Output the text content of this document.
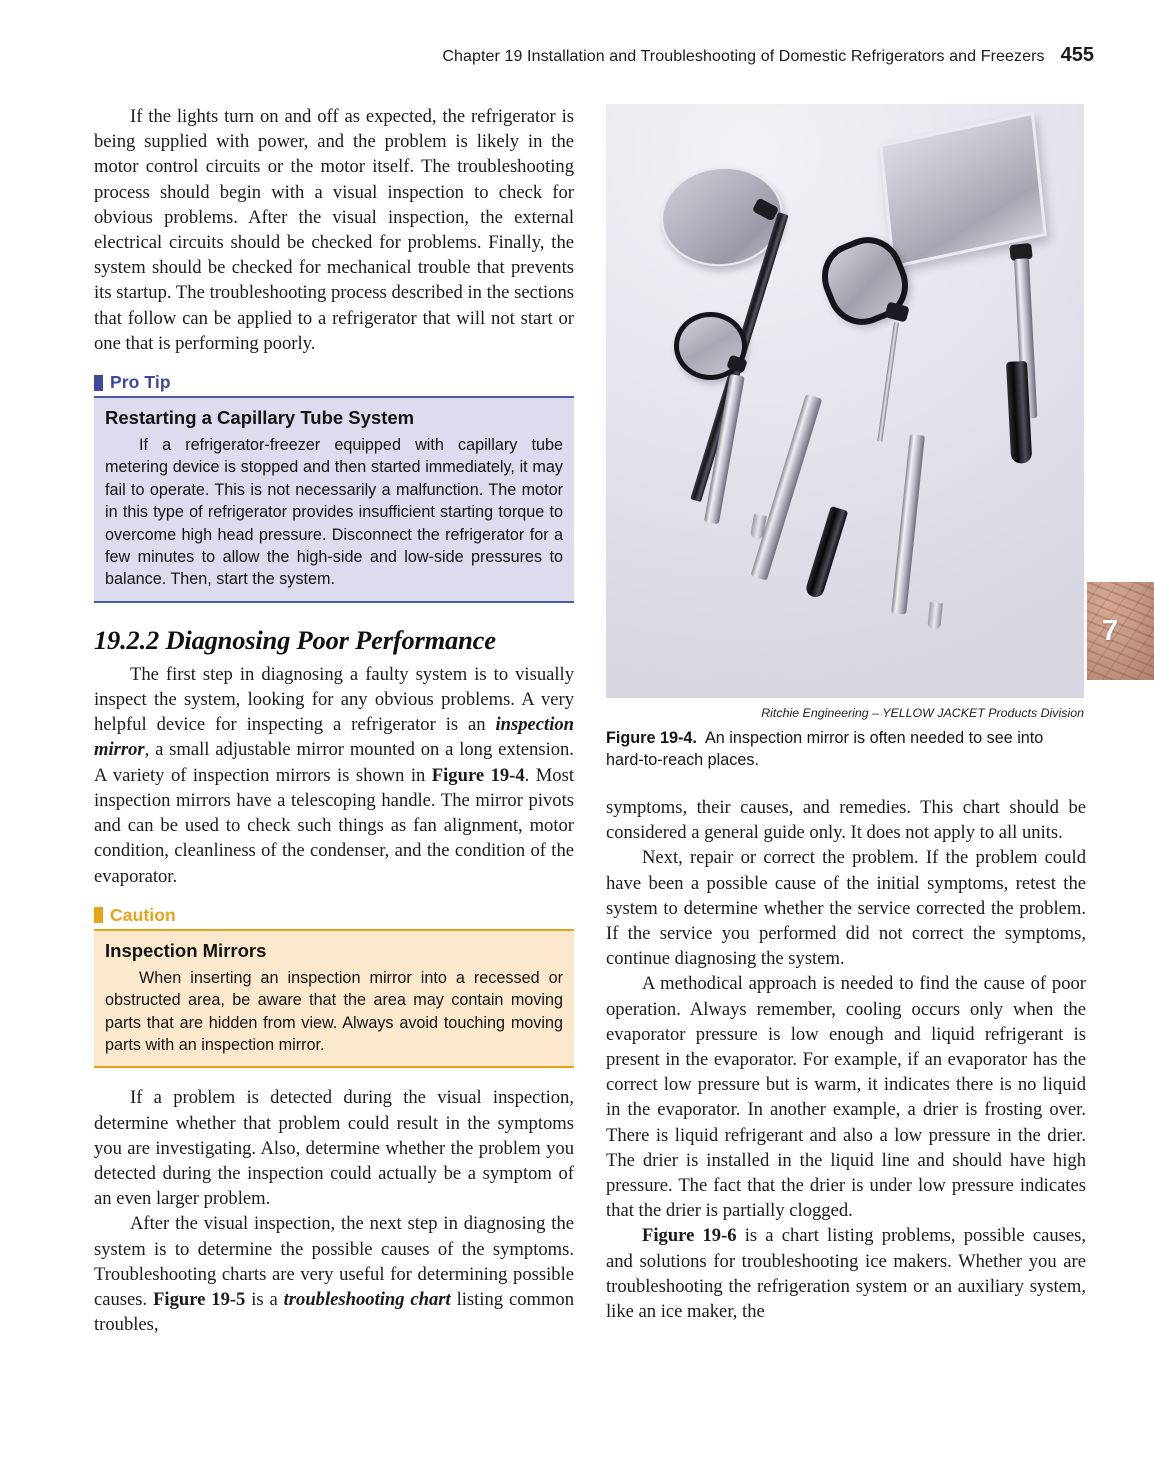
Chapter 19 Installation and Troubleshooting of Domestic Refrigerators and Freezers 455

If the lights turn on and off as expected, the refrigerator is being supplied with power, and the problem is likely in the motor control circuits or the motor itself. The troubleshooting process should begin with a visual inspection to check for obvious problems. After the visual inspection, the external electrical circuits should be checked for problems. Finally, the system should be checked for mechanical trouble that prevents its startup. The troubleshooting process described in the sections that follow can be applied to a refrigerator that will not start or one that is performing poorly.

Pro Tip
Restarting a Capillary Tube System

If a refrigerator-freezer equipped with capillary tube metering device is stopped and then started immediately, it may fail to operate. This is not necessarily a malfunction. The motor in this type of refrigerator provides insufficient starting torque to overcome high head pressure. Disconnect the refrigerator for a few minutes to allow the high-side and low-side pressures to balance. Then, start the system.

19.2.2 Diagnosing Poor Performance

The first step in diagnosing a faulty system is to visually inspect the system, looking for any obvious problems. A very helpful device for inspecting a refrigerator is an inspection mirror, a small adjustable mirror mounted on a long extension. A variety of inspection mirrors is shown in Figure 19-4. Most inspection mirrors have a telescoping handle. The mirror pivots and can be used to check such things as fan alignment, motor condition, cleanliness of the condenser, and the condition of the evaporator.

Caution
Inspection Mirrors

When inserting an inspection mirror into a recessed or obstructed area, be aware that the area may contain moving parts that are hidden from view. Always avoid touching moving parts with an inspection mirror.

If a problem is detected during the visual inspection, determine whether that problem could result in the symptoms you are investigating. Also, determine whether the problem you detected during the inspection could actually be a symptom of an even larger problem.

After the visual inspection, the next step in diagnosing the system is to determine the possible causes of the symptoms. Troubleshooting charts are very useful for determining possible causes. Figure 19-5 is a troubleshooting chart listing common troubles,

Ritchie Engineering – YELLOW JACKET Products Division
Figure 19-4. An inspection mirror is often needed to see into hard-to-reach places.

symptoms, their causes, and remedies. This chart should be considered a general guide only. It does not apply to all units.

Next, repair or correct the problem. If the problem could have been a possible cause of the initial symptoms, retest the system to determine whether the service corrected the problem. If the service you performed did not correct the symptoms, continue diagnosing the system.

A methodical approach is needed to find the cause of poor operation. Always remember, cooling occurs only when the evaporator pressure is low enough and liquid refrigerant is present in the evaporator. For example, if an evaporator has the correct low pressure but is warm, it indicates there is no liquid in the evaporator. In another example, a drier is frosting over. There is liquid refrigerant and also a low pressure in the drier. The drier is installed in the liquid line and should have high pressure. The fact that the drier is under low pressure indicates that the drier is partially clogged.

Figure 19-6 is a chart listing problems, possible causes, and solutions for troubleshooting ice makers. Whether you are troubleshooting the refrigeration system or an auxiliary system, like an ice maker, the

7
